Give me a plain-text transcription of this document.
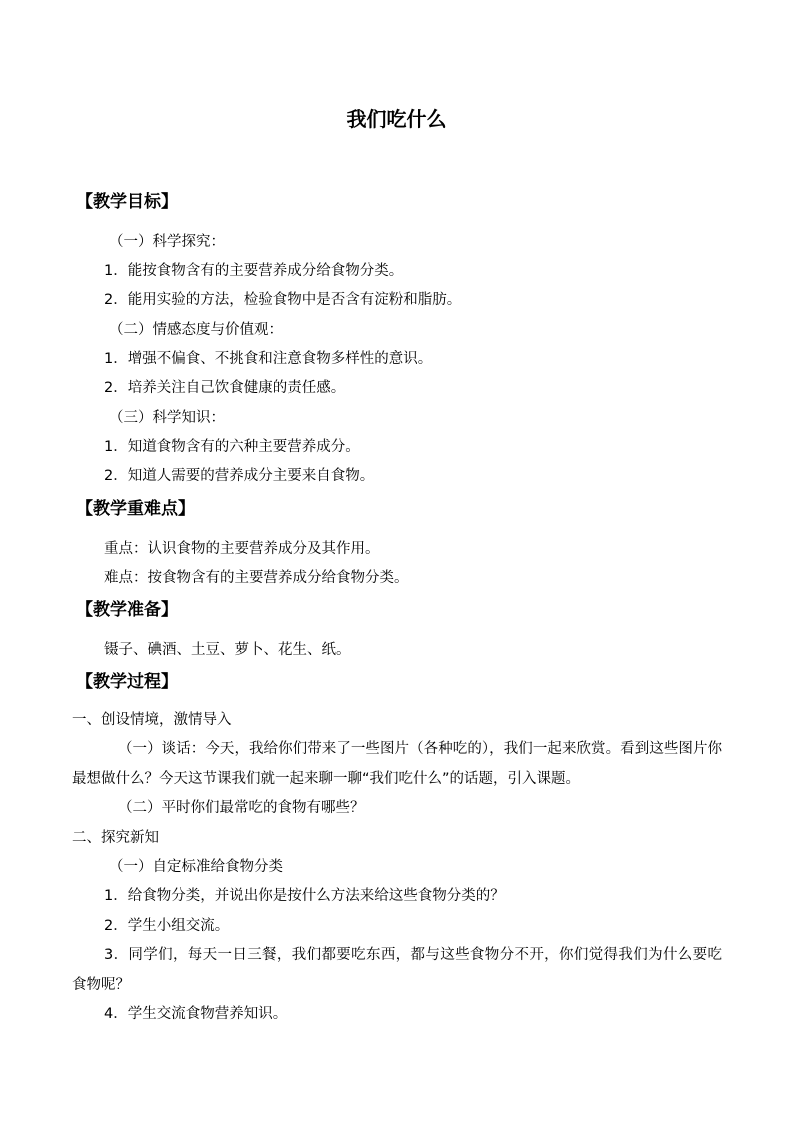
我们吃什么
【教学目标】
（一）科学探究：
1．能按食物含有的主要营养成分给食物分类。
2．能用实验的方法，检验食物中是否含有淀粉和脂肪。
（二）情感态度与价值观：
1．增强不偏食、不挑食和注意食物多样性的意识。
2．培养关注自己饮食健康的责任感。
（三）科学知识：
1．知道食物含有的六种主要营养成分。
2．知道人需要的营养成分主要来自食物。
【教学重难点】
重点：认识食物的主要营养成分及其作用。
难点：按食物含有的主要营养成分给食物分类。
【教学准备】
镊子、碘酒、土豆、萝卜、花生、纸。
【教学过程】
一、创设情境，激情导入
（一）谈话：今天，我给你们带来了一些图片（各种吃的），我们一起来欣赏。看到这些图片你最想做什么？今天这节课我们就一起来聊一聊“我们吃什么”的话题，引入课题。
（二）平时你们最常吃的食物有哪些？
二、探究新知
（一）自定标准给食物分类
1．给食物分类，并说出你是按什么方法来给这些食物分类的？
2．学生小组交流。
3．同学们，每天一日三餐，我们都要吃东西，都与这些食物分不开，你们觉得我们为什么要吃食物呢？
4．学生交流食物营养知识。
